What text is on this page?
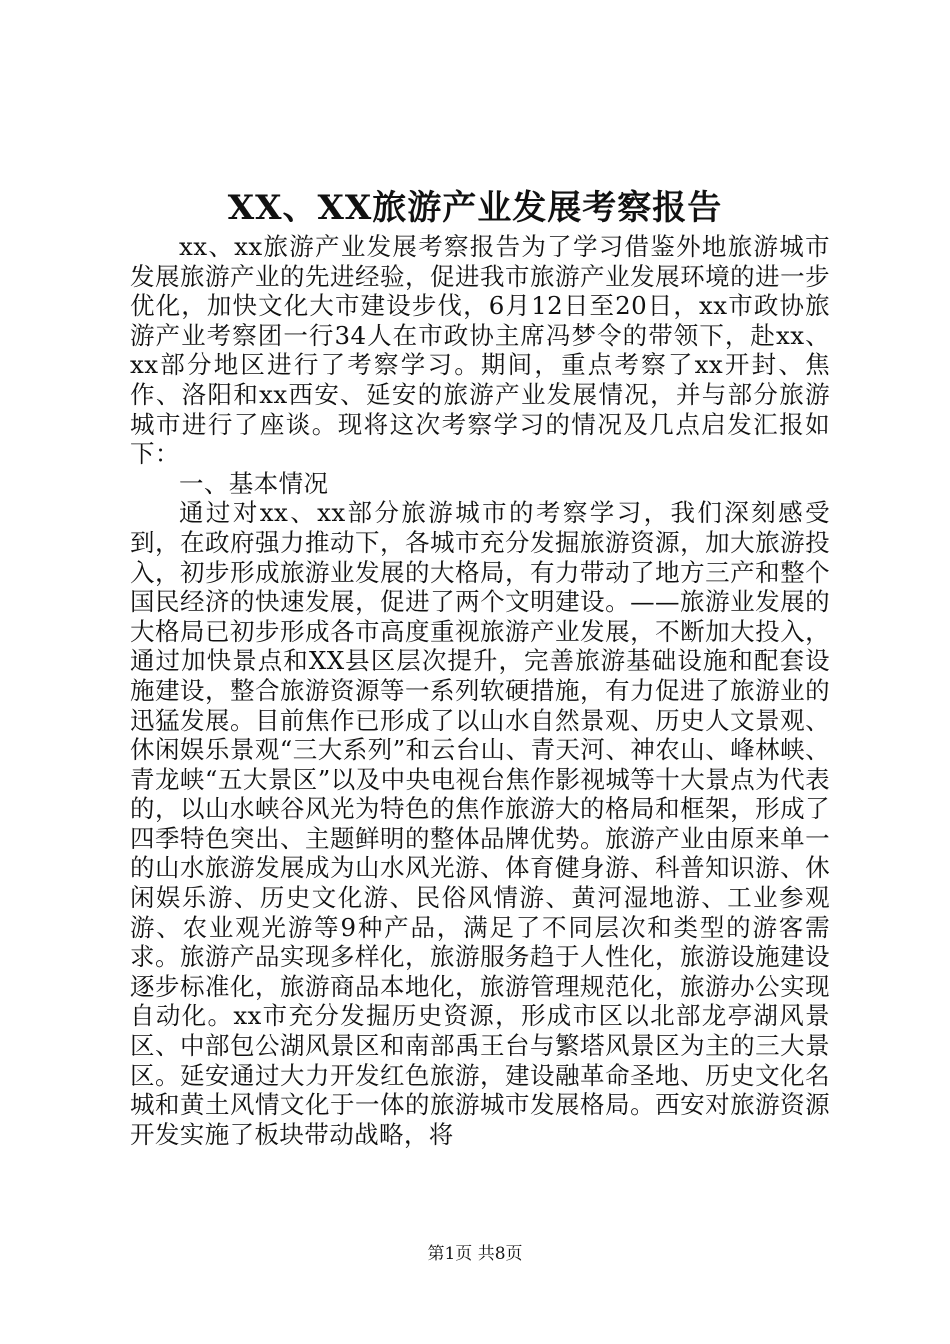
XX、XX旅游产业发展考察报告

xx、xx旅游产业发展考察报告为了学习借鉴外地旅游城市发展旅游产业的先进经验，促进我市旅游产业发展环境的进一步优化，加快文化大市建设步伐，6月12日至20日，xx市政协旅游产业考察团一行34人在市政协主席冯梦令的带领下，赴xx、xx部分地区进行了考察学习。期间，重点考察了xx开封、焦作、洛阳和xx西安、延安的旅游产业发展情况，并与部分旅游城市进行了座谈。现将这次考察学习的情况及几点启发汇报如下：

一、基本情况

通过对xx、xx部分旅游城市的考察学习，我们深刻感受到，在政府强力推动下，各城市充分发掘旅游资源，加大旅游投入，初步形成旅游业发展的大格局，有力带动了地方三产和整个国民经济的快速发展，促进了两个文明建设。——旅游业发展的大格局已初步形成各市高度重视旅游产业发展，不断加大投入，通过加快景点和XX县区层次提升，完善旅游基础设施和配套设施建设，整合旅游资源等一系列软硬措施，有力促进了旅游业的迅猛发展。目前焦作已形成了以山水自然景观、历史人文景观、休闲娱乐景观“三大系列”和云台山、青天河、神农山、峰林峡、青龙峡“五大景区”以及中央电视台焦作影视城等十大景点为代表的，以山水峡谷风光为特色的焦作旅游大的格局和框架，形成了四季特色突出、主题鲜明的整体品牌优势。旅游产业由原来单一的山水旅游发展成为山水风光游、体育健身游、科普知识游、休闲娱乐游、历史文化游、民俗风情游、黄河湿地游、工业参观游、农业观光游等9种产品，满足了不同层次和类型的游客需求。旅游产品实现多样化，旅游服务趋于人性化，旅游设施建设逐步标准化，旅游商品本地化，旅游管理规范化，旅游办公实现自动化。xx市充分发掘历史资源，形成市区以北部龙亭湖风景区、中部包公湖风景区和南部禹王台与繁塔风景区为主的三大景区。延安通过大力开发红色旅游，建设融革命圣地、历史文化名城和黄土风情文化于一体的旅游城市发展格局。西安对旅游资源开发实施了板块带动战略，将

第1页 共8页
